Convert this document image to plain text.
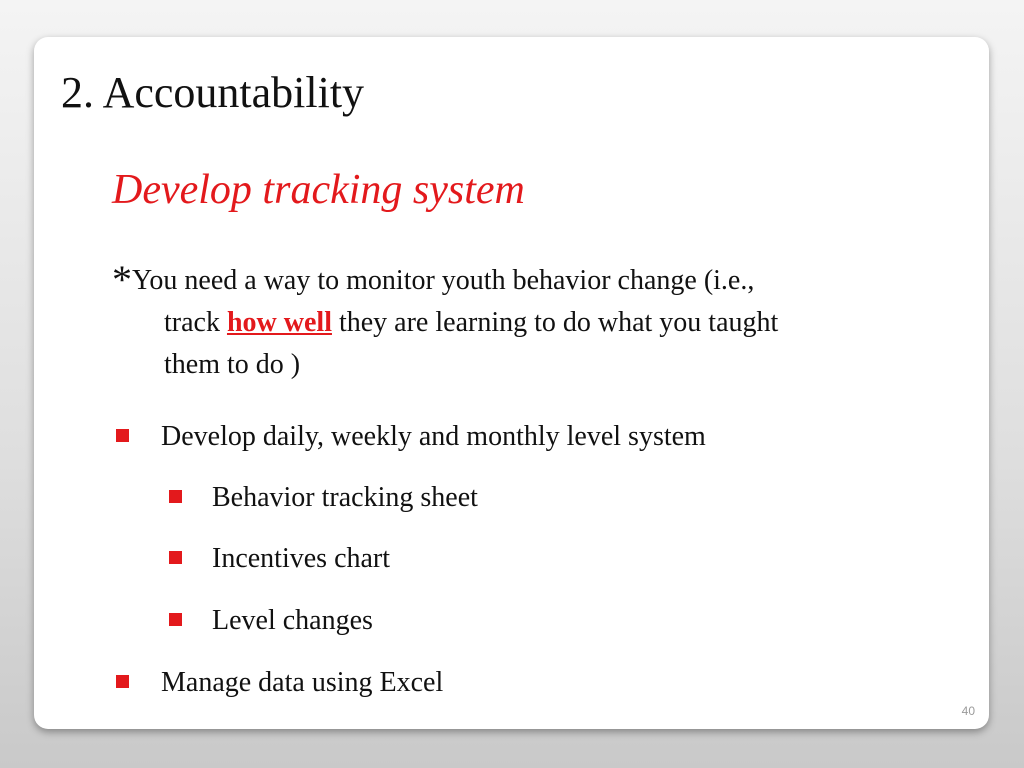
2. Accountability
Develop tracking system
*You need a way to monitor youth behavior change (i.e.,
track how well they are learning to do what you taught
them to do )
Develop daily, weekly and monthly level system
Behavior tracking sheet
Incentives chart
Level changes
Manage data using Excel
40
